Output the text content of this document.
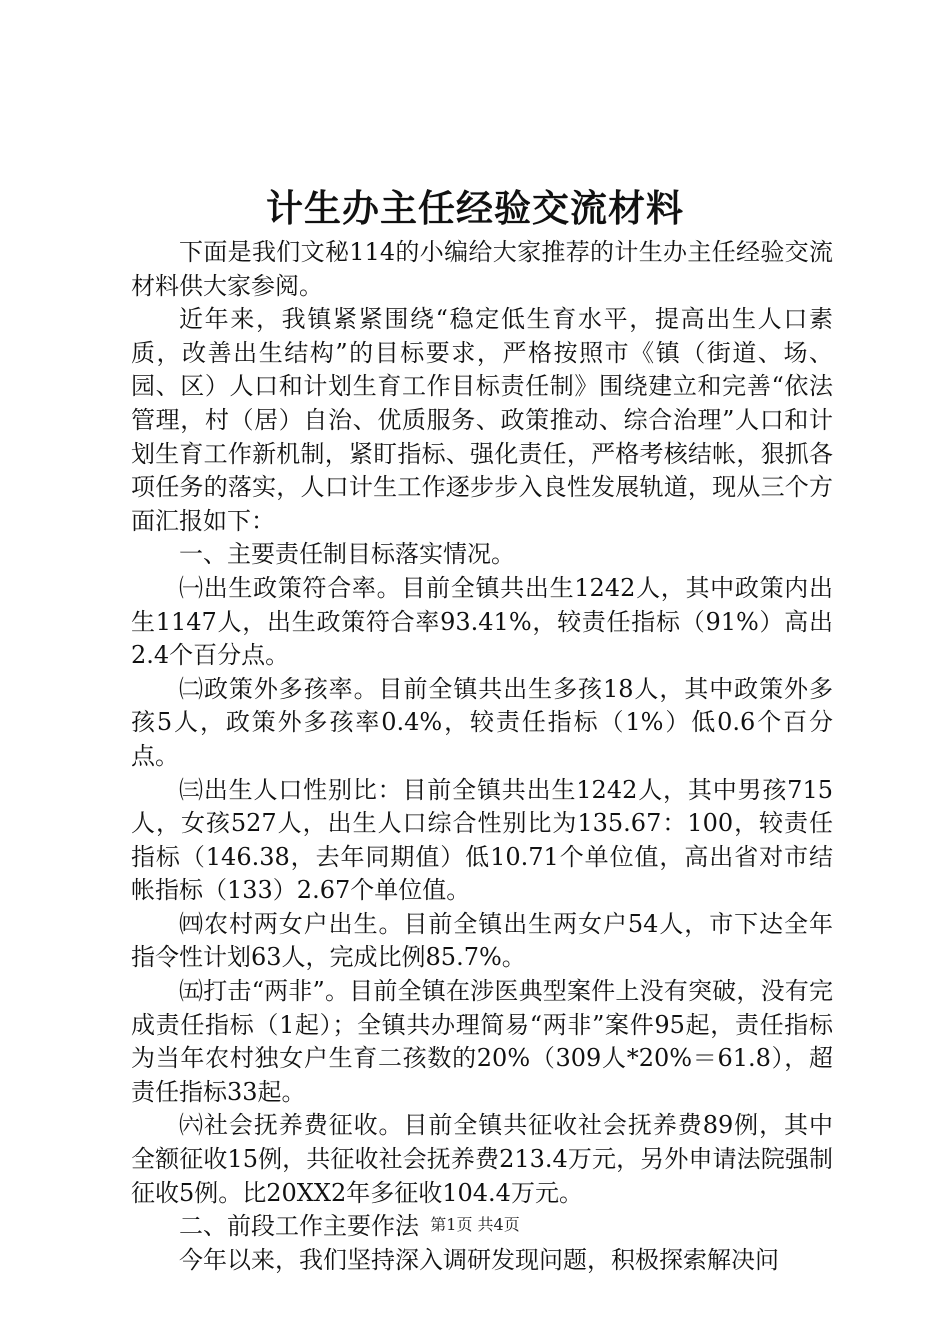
计生办主任经验交流材料

下面是我们文秘114的小编给大家推荐的计生办主任经验交流材料供大家参阅。

近年来，我镇紧紧围绕“稳定低生育水平，提高出生人口素质，改善出生结构”的目标要求，严格按照市《镇（街道、场、园、区）人口和计划生育工作目标责任制》围绕建立和完善“依法管理，村（居）自治、优质服务、政策推动、综合治理”人口和计划生育工作新机制，紧盯指标、强化责任，严格考核结帐，狠抓各项任务的落实，人口计生工作逐步步入良性发展轨道，现从三个方面汇报如下：

一、主要责任制目标落实情况。

㈠出生政策符合率。目前全镇共出生1242人，其中政策内出生1147人，出生政策符合率93.41%，较责任指标（91%）高出2.4个百分点。

㈡政策外多孩率。目前全镇共出生多孩18人，其中政策外多孩5人，政策外多孩率0.4%，较责任指标（1%）低0.6个百分点。

㈢出生人口性别比：目前全镇共出生1242人，其中男孩715人，女孩527人，出生人口综合性别比为135.67：100，较责任指标（146.38，去年同期值）低10.71个单位值，高出省对市结帐指标（133）2.67个单位值。

㈣农村两女户出生。目前全镇出生两女户54人，市下达全年指令性计划63人，完成比例85.7%。

㈤打击“两非”。目前全镇在涉医典型案件上没有突破，没有完成责任指标（1起）；全镇共办理简易“两非”案件95起，责任指标为当年农村独女户生育二孩数的20%（309人*20%＝61.8），超责任指标33起。

㈥社会抚养费征收。目前全镇共征收社会抚养费89例，其中全额征收15例，共征收社会抚养费213.4万元，另外申请法院强制征收5例。比20XX2年多征收104.4万元。

二、前段工作主要作法

今年以来，我们坚持深入调研发现问题，积极探索解决问

第1页 共4页
